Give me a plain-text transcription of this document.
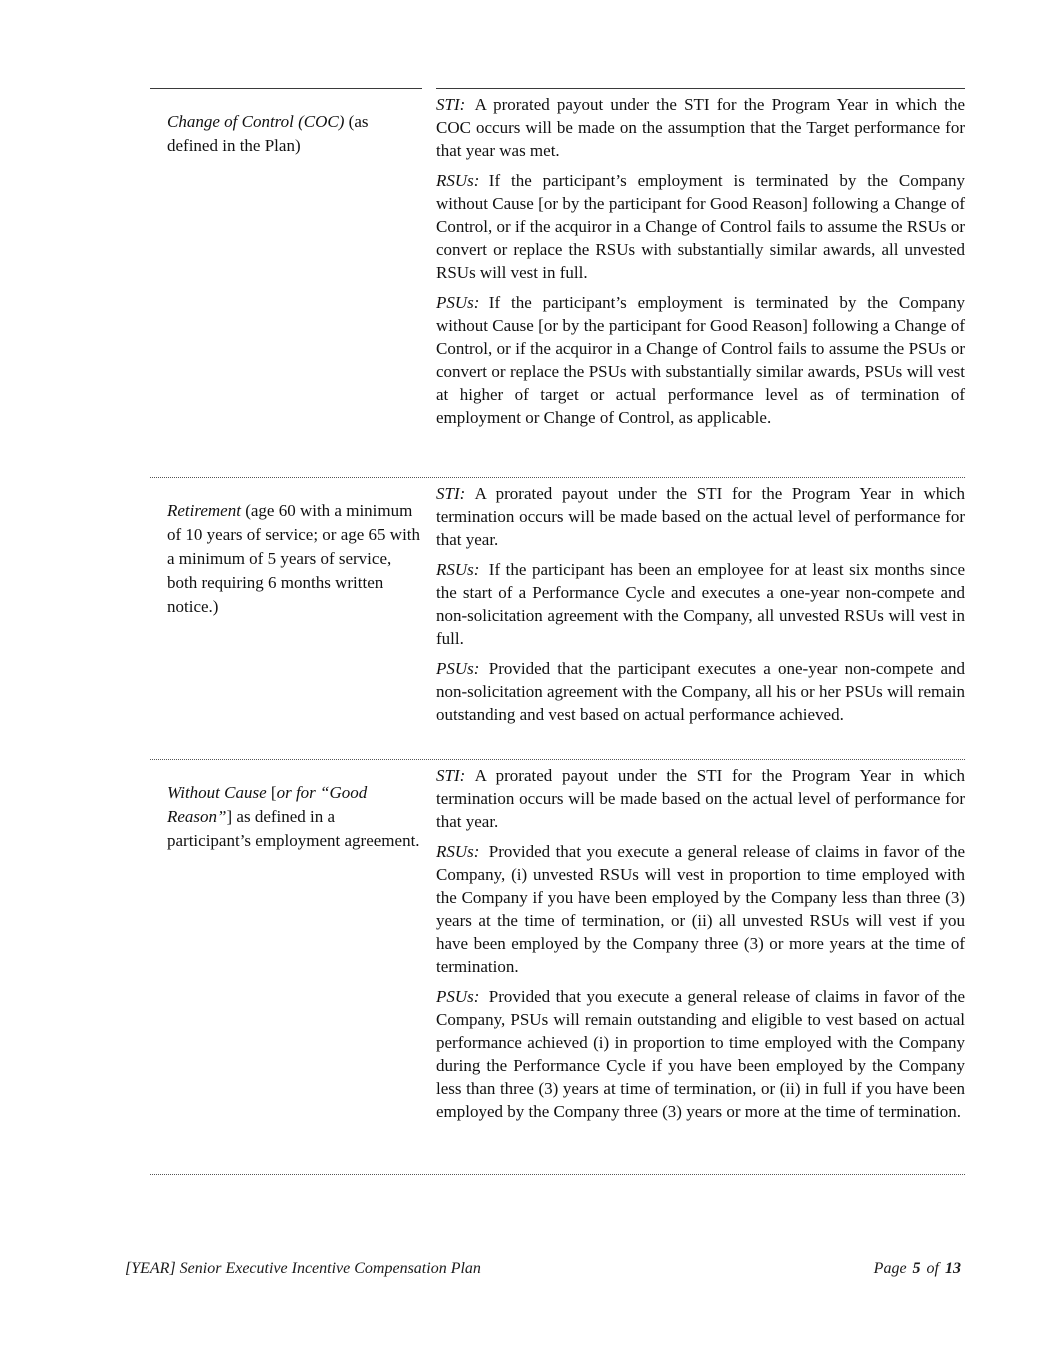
Change of Control (COC) (as defined in the Plan)

STI: A prorated payout under the STI for the Program Year in which the COC occurs will be made on the assumption that the Target performance for that year was met.

RSUs: If the participant’s employment is terminated by the Company without Cause [or by the participant for Good Reason] following a Change of Control, or if the acquiror in a Change of Control fails to assume the RSUs or convert or replace the RSUs with substantially similar awards, all unvested RSUs will vest in full.

PSUs: If the participant’s employment is terminated by the Company without Cause [or by the participant for Good Reason] following a Change of Control, or if the acquiror in a Change of Control fails to assume the PSUs or convert or replace the PSUs with substantially similar awards, PSUs will vest at higher of target or actual performance level as of termination of employment or Change of Control, as applicable.

Retirement (age 60 with a minimum of 10 years of service; or age 65 with a minimum of 5 years of service, both requiring 6 months written notice.)

STI: A prorated payout under the STI for the Program Year in which termination occurs will be made based on the actual level of performance for that year.

RSUs: If the participant has been an employee for at least six months since the start of a Performance Cycle and executes a one-year non-compete and non-solicitation agreement with the Company, all unvested RSUs will vest in full.

PSUs: Provided that the participant executes a one-year non-compete and non-solicitation agreement with the Company, all his or her PSUs will remain outstanding and vest based on actual performance achieved.

Without Cause [or for “Good Reason”] as defined in a participant’s employment agreement.

STI: A prorated payout under the STI for the Program Year in which termination occurs will be made based on the actual level of performance for that year.

RSUs: Provided that you execute a general release of claims in favor of the Company, (i) unvested RSUs will vest in proportion to time employed with the Company if you have been employed by the Company less than three (3) years at the time of termination, or (ii) all unvested RSUs will vest if you have been employed by the Company three (3) or more years at the time of termination.

PSUs: Provided that you execute a general release of claims in favor of the Company, PSUs will remain outstanding and eligible to vest based on actual performance achieved (i) in proportion to time employed with the Company during the Performance Cycle if you have been employed by the Company less than three (3) years at time of termination, or (ii) in full if you have been employed by the Company three (3) years or more at the time of termination.

[YEAR] Senior Executive Incentive Compensation Plan	Page 5 of 13
